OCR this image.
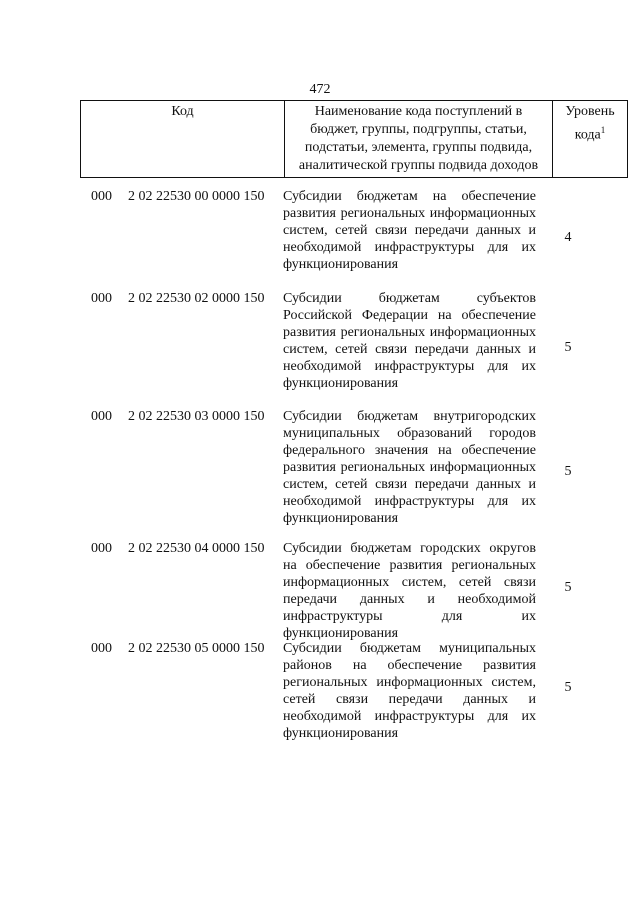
472
Код	Наименование кода поступлений в бюджет, группы, подгруппы, статьи, подстатьи, элемента, группы подвида, аналитической группы подвида доходов	Уровень
кода$^1$
000 2 02 22530 00 0000 150 Субсидии бюджетам на обеспечение развития региональных информационных систем, сетей связи передачи данных и необходимой инфраструктуры для их функционирования
4
000 2 02 22530 02 0000 150 Субсидии бюджетам субъектов Российской Федерации на обеспечение развития региональных информационных систем, сетей связи передачи данных и необходимой инфраструктуры для их функционирования
5
000 2 02 22530 03 0000 150 Субсидии бюджетам внутригородских муниципальных образований городов федерального значения на обеспечение развития региональных информационных систем, сетей связи передачи данных и необходимой инфраструктуры для их функционирования
5
000 2 02 22530 04 0000 150 Субсидии бюджетам городских округов на обеспечение развития региональных информационных систем, сетей связи передачи данных и необходимой инфраструктуры для их функционирования
5
000 2 02 22530 05 0000 150 Субсидии бюджетам муниципальных районов на обеспечение развития региональных информационных систем, сетей связи передачи данных и необходимой инфраструктуры для их функционирования
5
